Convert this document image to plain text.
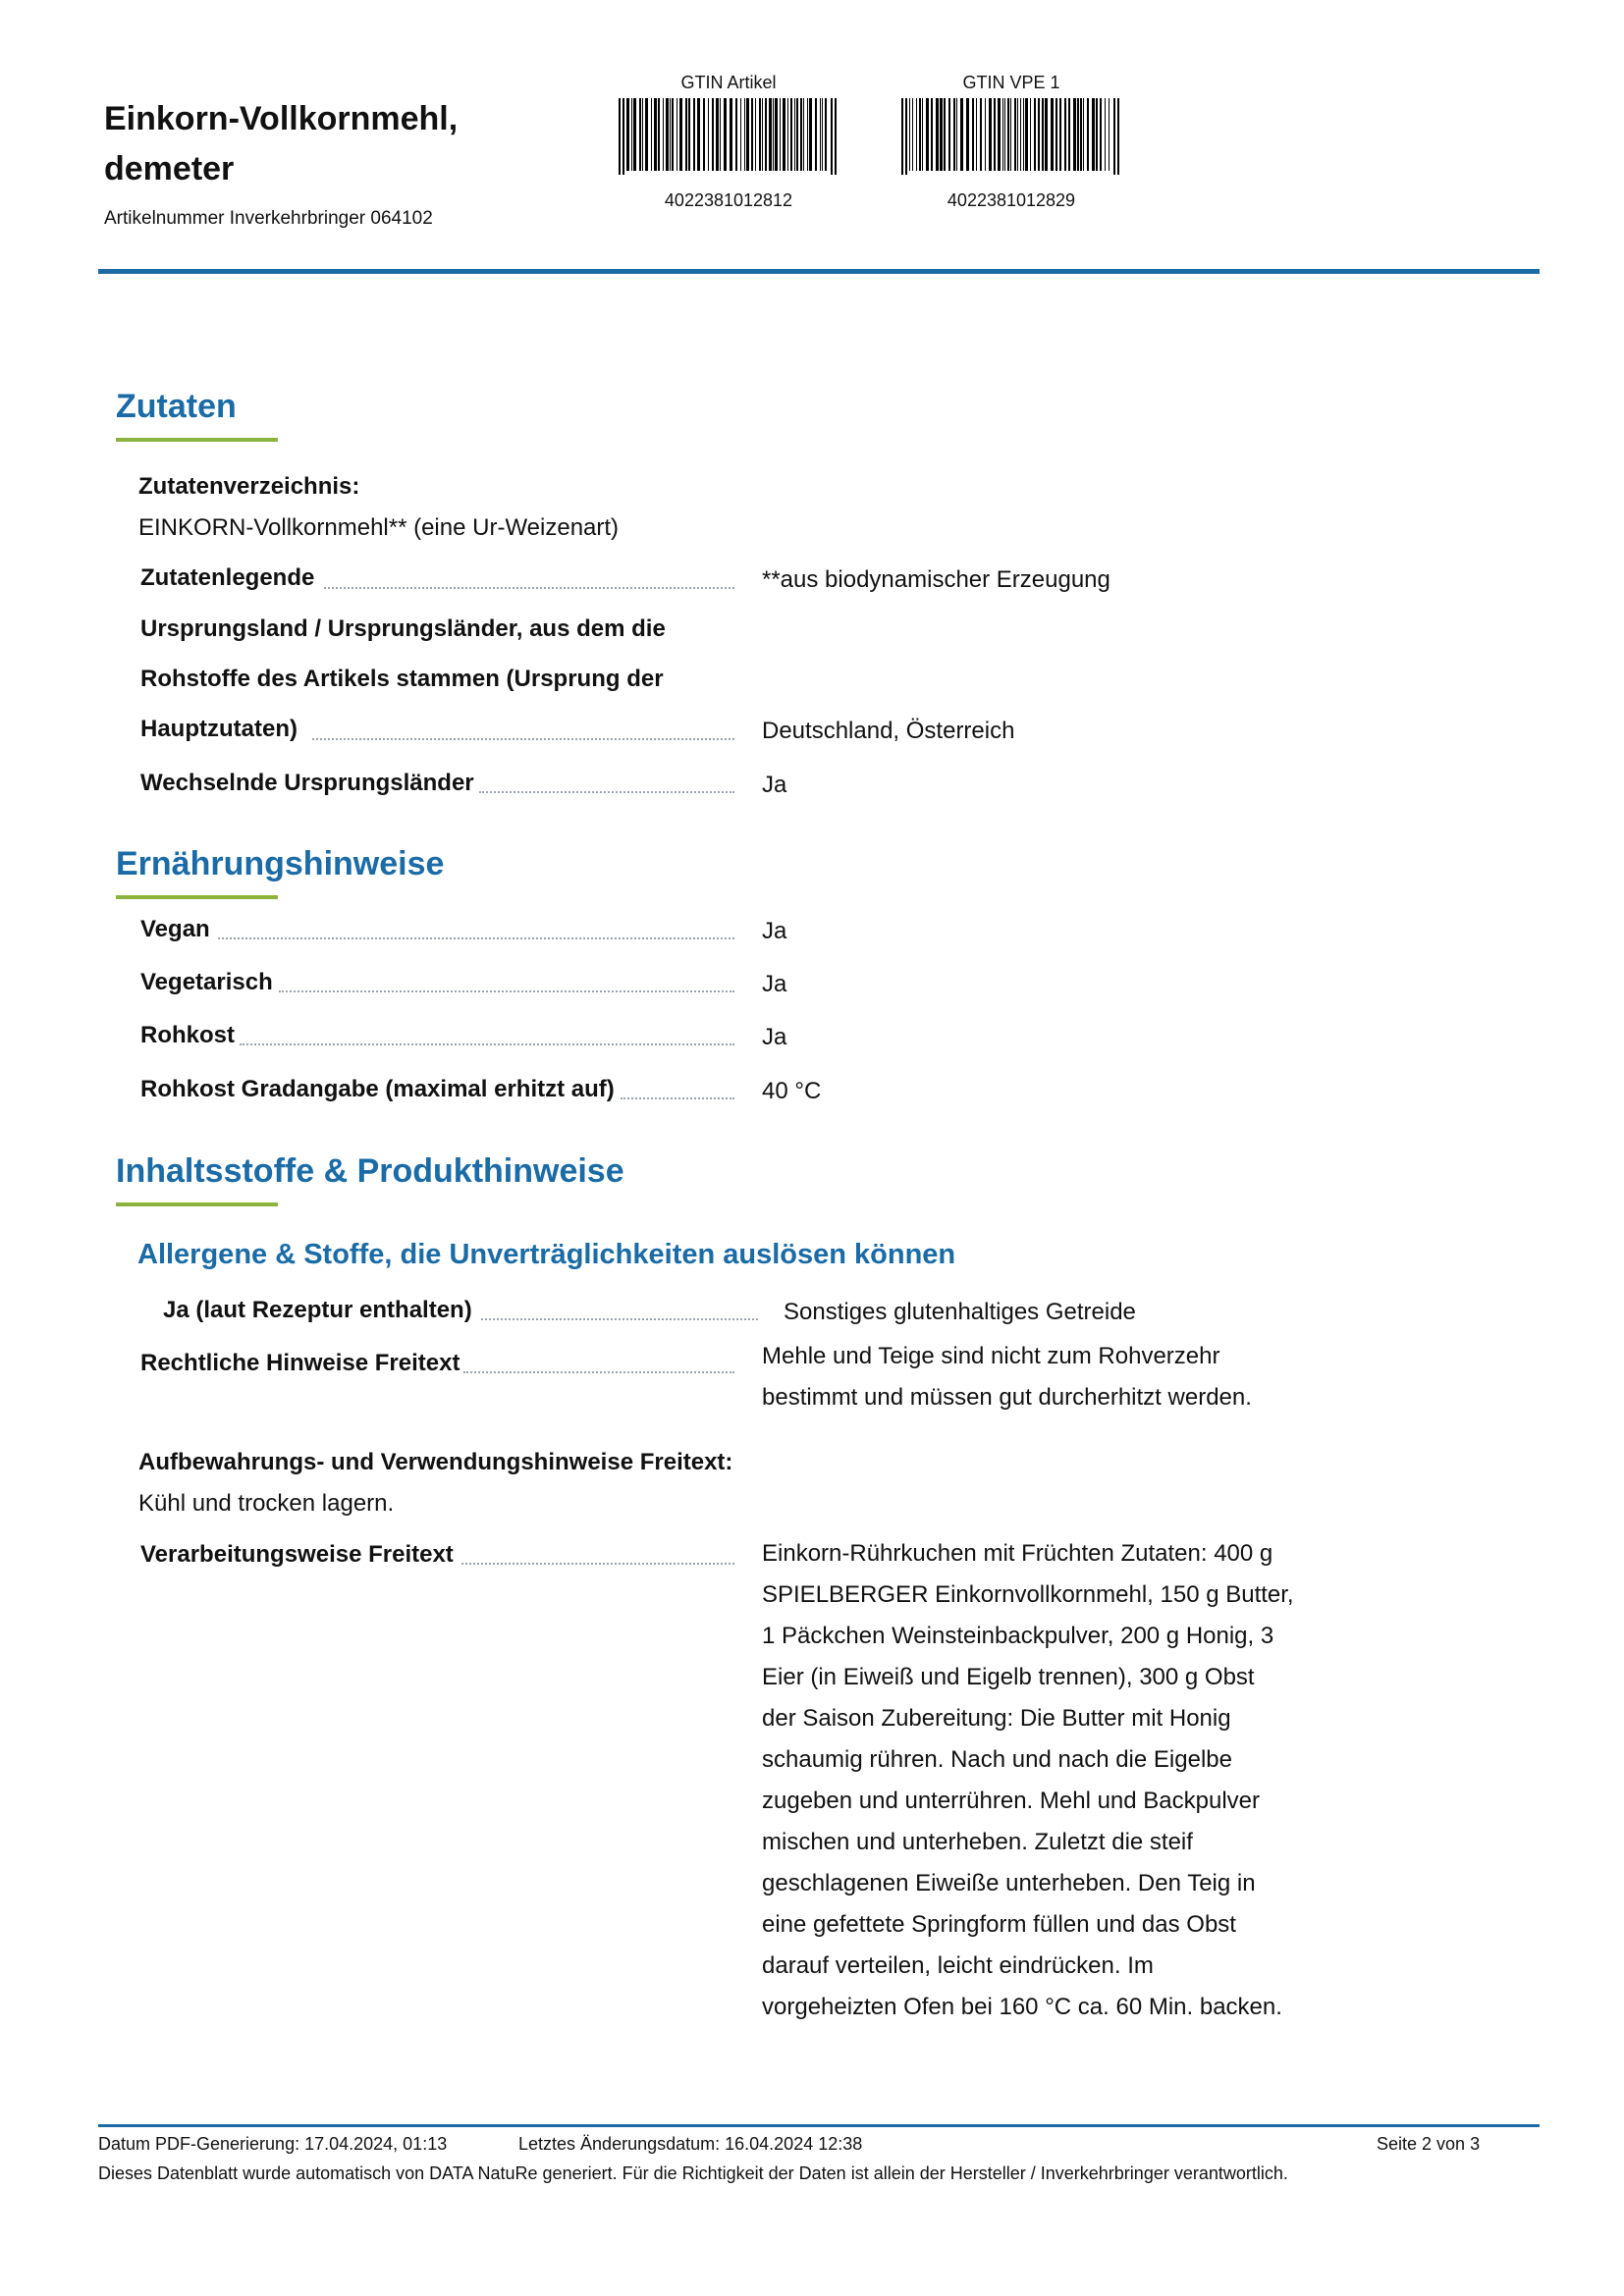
Einkorn-Vollkornmehl,
demeter
Artikelnummer Inverkehrbringer 064102
GTIN Artikel
4022381012812
GTIN VPE 1
4022381012829
Zutaten
Zutatenverzeichnis:
EINKORN-Vollkornmehl** (eine Ur-Weizenart)
Zutatenlegende	**aus biodynamischer Erzeugung
Ursprungsland / Ursprungsländer, aus dem die
Rohstoffe des Artikels stammen (Ursprung der
Hauptzutaten)	Deutschland, Österreich
Wechselnde Ursprungsländer	Ja
Ernährungshinweise
Vegan	Ja
Vegetarisch	Ja
Rohkost	Ja
Rohkost Gradangabe (maximal erhitzt auf)	40 °C
Inhaltsstoffe & Produkthinweise
Allergene & Stoffe, die Unverträglichkeiten auslösen können
Ja (laut Rezeptur enthalten)	Sonstiges glutenhaltiges Getreide
Rechtliche Hinweise Freitext	Mehle und Teige sind nicht zum Rohverzehr
bestimmt und müssen gut durcherhitzt werden.
Aufbewahrungs- und Verwendungshinweise Freitext:
Kühl und trocken lagern.
Verarbeitungsweise Freitext	Einkorn-Rührkuchen mit Früchten Zutaten: 400 g
SPIELBERGER Einkornvollkornmehl, 150 g Butter,
1 Päckchen Weinsteinbackpulver, 200 g Honig, 3
Eier (in Eiweiß und Eigelb trennen), 300 g Obst
der Saison Zubereitung: Die Butter mit Honig
schaumig rühren. Nach und nach die Eigelbe
zugeben und unterrühren. Mehl und Backpulver
mischen und unterheben. Zuletzt die steif
geschlagenen Eiweiße unterheben. Den Teig in
eine gefettete Springform füllen und das Obst
darauf verteilen, leicht eindrücken. Im
vorgeheizten Ofen bei 160 °C ca. 60 Min. backen.
Datum PDF-Generierung: 17.04.2024, 01:13	Letztes Änderungsdatum: 16.04.2024 12:38	Seite 2 von 3
Dieses Datenblatt wurde automatisch von DATA NatuRe generiert. Für die Richtigkeit der Daten ist allein der Hersteller / Inverkehrbringer verantwortlich.
